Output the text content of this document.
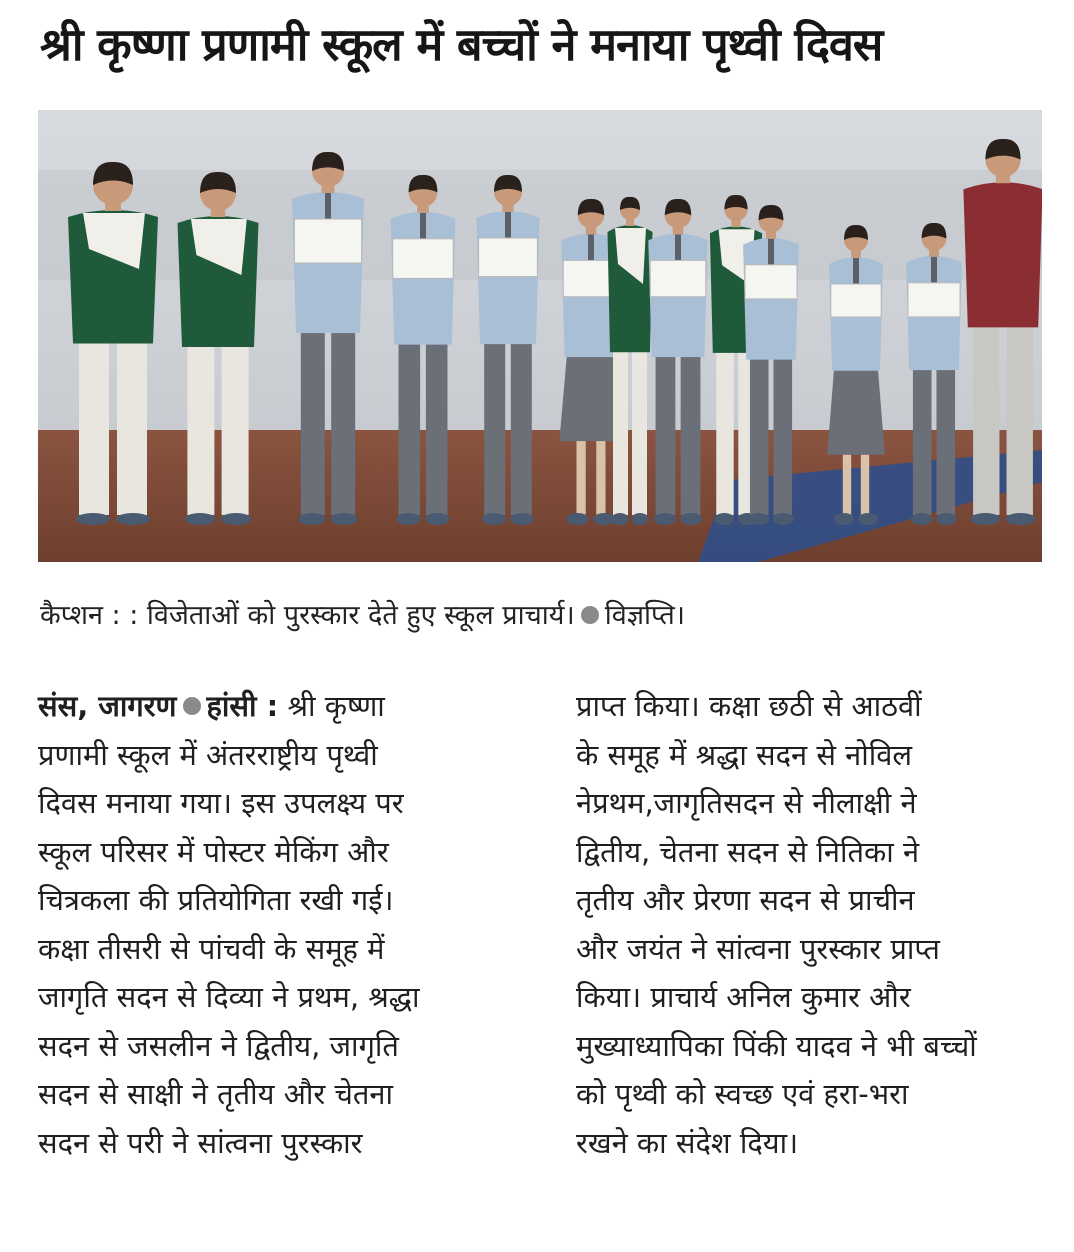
श्री कृष्णा प्रणामी स्कूल में बच्चों ने मनाया पृथ्वी दिवस
कैप्शन : : विजेताओं को पुरस्कार देते हुए स्कूल प्राचार्य। विज्ञप्ति।
संस, जागरण हांसी : श्री कृष्णा
प्रणामी स्कूल में अंतरराष्ट्रीय पृथ्वी
दिवस मनाया गया। इस उपलक्ष्य पर
स्कूल परिसर में पोस्टर मेकिंग और
चित्रकला की प्रतियोगिता रखी गई।
कक्षा तीसरी से पांचवी के समूह में
जागृति सदन से दिव्या ने प्रथम, श्रद्धा
सदन से जसलीन ने द्वितीय, जागृति
सदन से साक्षी ने तृतीय और चेतना
सदन से परी ने सांत्वना पुरस्कार
प्राप्त किया। कक्षा छठी से आठवीं
के समूह में श्रद्धा सदन से नोविल
नेप्रथम,जागृतिसदन से नीलाक्षी ने
द्वितीय, चेतना सदन से नितिका ने
तृतीय और प्रेरणा सदन से प्राचीन
और जयंत ने सांत्वना पुरस्कार प्राप्त
किया। प्राचार्य अनिल कुमार और
मुख्याध्यापिका पिंकी यादव ने भी बच्चों
को पृथ्वी को स्वच्छ एवं हरा-भरा
रखने का संदेश दिया।
